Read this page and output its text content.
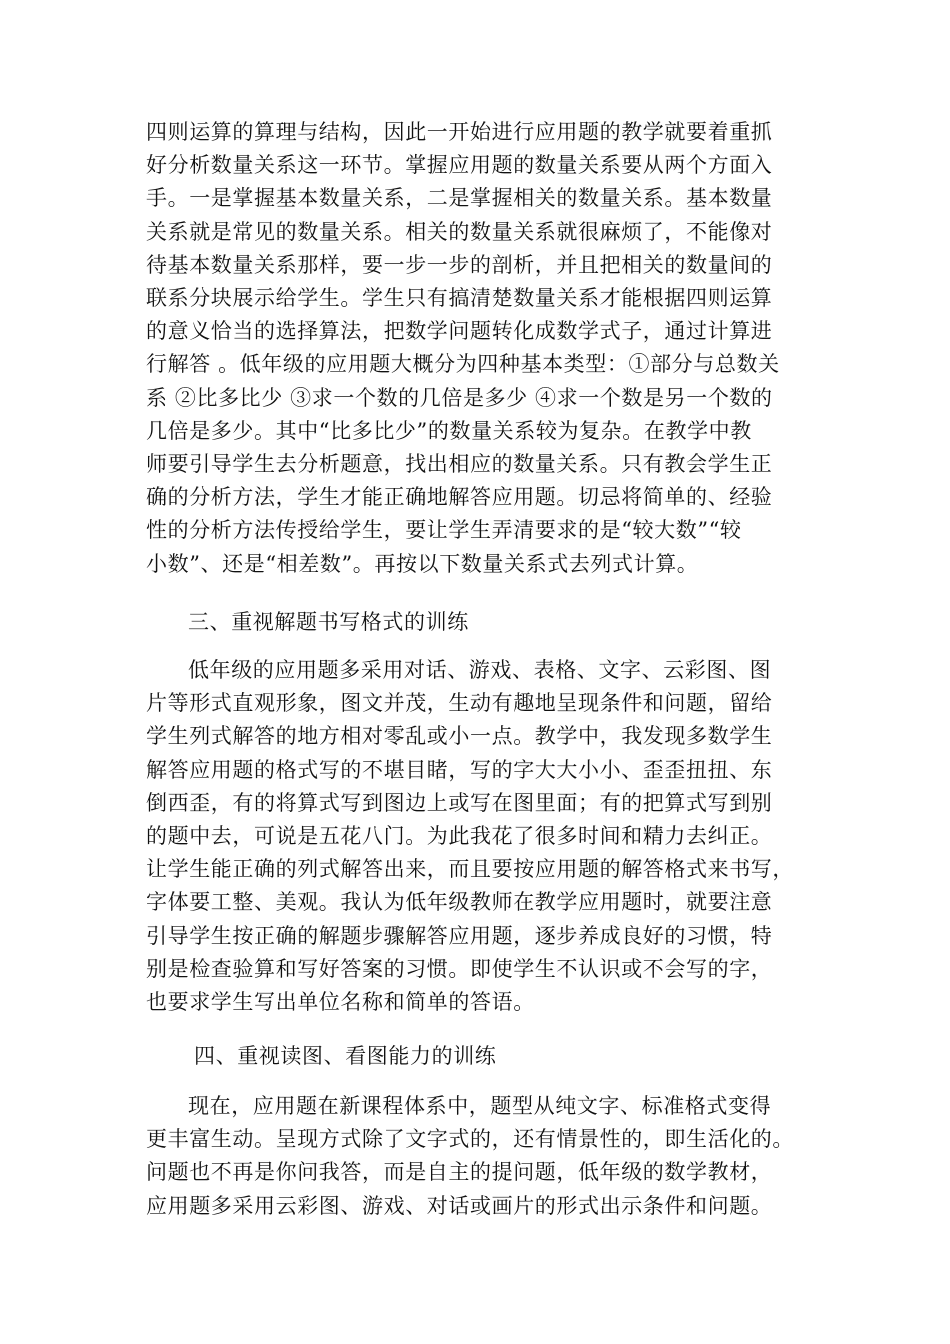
四则运算的算理与结构，因此一开始进行应用题的教学就要着重抓
好分析数量关系这一环节。掌握应用题的数量关系要从两个方面入
手。一是掌握基本数量关系，二是掌握相关的数量关系。基本数量
关系就是常见的数量关系。相关的数量关系就很麻烦了，不能像对
待基本数量关系那样，要一步一步的剖析，并且把相关的数量间的
联系分块展示给学生。学生只有搞清楚数量关系才能根据四则运算
的意义恰当的选择算法，把数学问题转化成数学式子，通过计算进
行解答 。低年级的应用题大概分为四种基本类型：①部分与总数关
系 ②比多比少 ③求一个数的几倍是多少 ④求一个数是另一个数的
几倍是多少。其中“比多比少”的数量关系较为复杂。在教学中教
师要引导学生去分析题意，找出相应的数量关系。只有教会学生正
确的分析方法，学生才能正确地解答应用题。切忌将简单的、经验
性的分析方法传授给学生，要让学生弄清要求的是“较大数”“较
小数”、还是“相差数”。再按以下数量关系式去列式计算。
三、重视解题书写格式的训练
低年级的应用题多采用对话、游戏、表格、文字、云彩图、图
片等形式直观形象，图文并茂，生动有趣地呈现条件和问题，留给
学生列式解答的地方相对零乱或小一点。教学中，我发现多数学生
解答应用题的格式写的不堪目睹，写的字大大小小、歪歪扭扭、东
倒西歪，有的将算式写到图边上或写在图里面；有的把算式写到别
的题中去，可说是五花八门。为此我花了很多时间和精力去纠正。
让学生能正确的列式解答出来，而且要按应用题的解答格式来书写，
字体要工整、美观。我认为低年级教师在教学应用题时，就要注意
引导学生按正确的解题步骤解答应用题，逐步养成良好的习惯，特
别是检查验算和写好答案的习惯。即使学生不认识或不会写的字，
也要求学生写出单位名称和简单的答语。
四、重视读图、看图能力的训练
现在，应用题在新课程体系中，题型从纯文字、标准格式变得
更丰富生动。呈现方式除了文字式的，还有情景性的，即生活化的。
问题也不再是你问我答，而是自主的提问题，低年级的数学教材，
应用题多采用云彩图、游戏、对话或画片的形式出示条件和问题。
